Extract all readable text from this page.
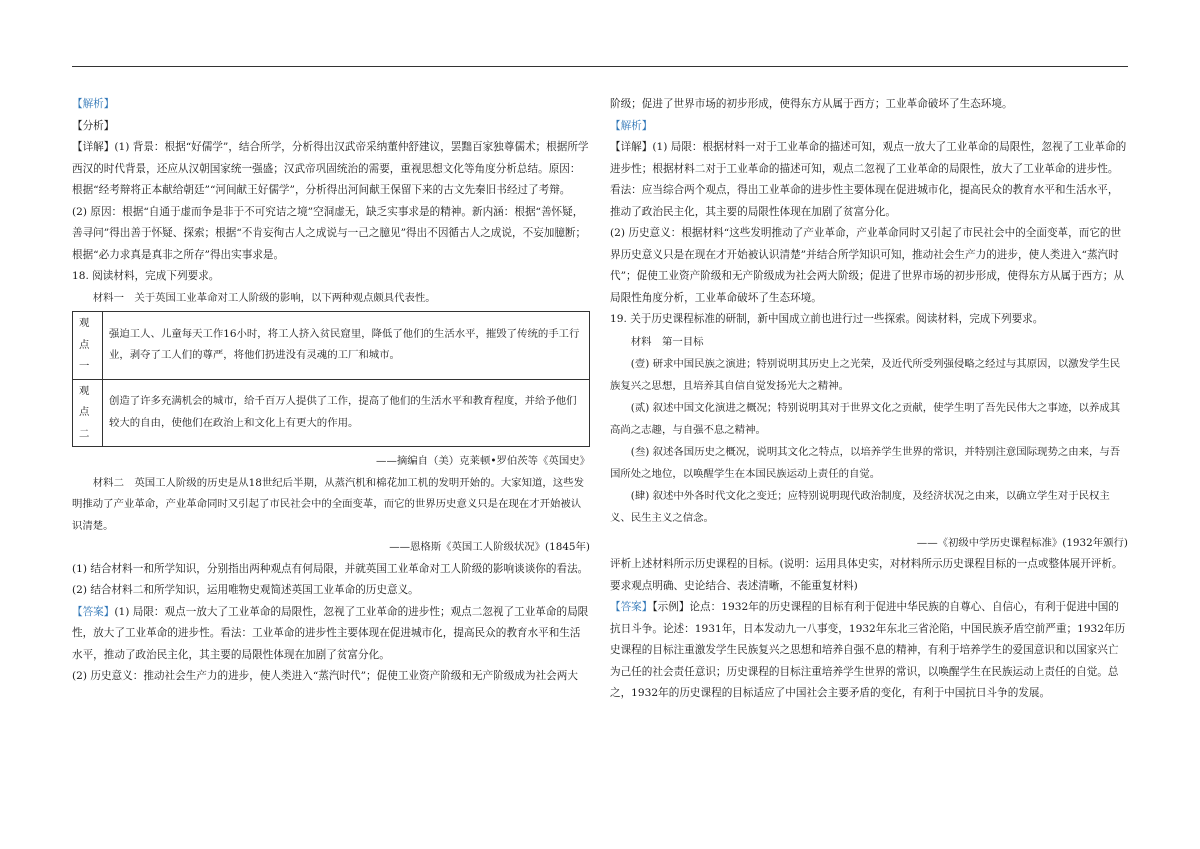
【解析】

【分析】

【详解】(1) 背景：根据“好儒学”，结合所学，分析得出汉武帝采纳董仲舒建议，罢黜百家独尊儒术；根据所学西汉的时代背景，还应从汉朝国家统一强盛；汉武帝巩固统治的需要，重视思想文化等角度分析总结。原因：根据“经考辩将正本献给朝廷”“河间献王好儒学”，分析得出河间献王保留下来的古文先秦旧书经过了考辩。

(2) 原因：根据“自通于虚而争是非于不可究诘之境”空洞虚无，缺乏实事求是的精神。新内涵：根据“善怀疑，善寻问”得出善于怀疑、探索；根据“不肯妄徇古人之成说与一己之臆见”得出不因循古人之成说，不妄加臆断；根据“必力求真是真非之所存”得出实事求是。

18. 阅读材料，完成下列要求。

材料一　关于英国工业革命对工人阶级的影响，以下两种观点颇具代表性。

观点一	强迫工人、儿童每天工作16小时，将工人挤入贫民窟里，降低了他们的生活水平，摧毁了传统的手工行业，剥夺了工人们的尊严，将他们扔进没有灵魂的工厂和城市。
观点二	创造了许多充满机会的城市，给千百万人提供了工作，提高了他们的生活水平和教育程度，并给予他们较大的自由，使他们在政治上和文化上有更大的作用。

——摘编自（美）克莱顿•罗伯茨等《英国史》

材料二　英国工人阶级的历史是从18世纪后半期，从蒸汽机和棉花加工机的发明开始的。大家知道，这些发明推动了产业革命，产业革命同时又引起了市民社会中的全面变革，而它的世界历史意义只是在现在才开始被认识清楚。

——恩格斯《英国工人阶级状况》(1845年)

(1) 结合材料一和所学知识，分别指出两种观点有何局限，并就英国工业革命对工人阶级的影响谈谈你的看法。

(2) 结合材料二和所学知识，运用唯物史观简述英国工业革命的历史意义。

【答案】(1) 局限：观点一放大了工业革命的局限性，忽视了工业革命的进步性；观点二忽视了工业革命的局限性，放大了工业革命的进步性。看法：工业革命的进步性主要体现在促进城市化，提高民众的教育水平和生活水平，推动了政治民主化，其主要的局限性体现在加剧了贫富分化。

(2) 历史意义：推动社会生产力的进步，使人类进入“蒸汽时代”；促使工业资产阶级和无产阶级成为社会两大

阶级；促进了世界市场的初步形成，使得东方从属于西方；工业革命破坏了生态环境。

【解析】

【详解】(1) 局限：根据材料一对于工业革命的描述可知，观点一放大了工业革命的局限性，忽视了工业革命的进步性；根据材料二对于工业革命的描述可知，观点二忽视了工业革命的局限性，放大了工业革命的进步性。看法：应当综合两个观点，得出工业革命的进步性主要体现在促进城市化，提高民众的教育水平和生活水平，推动了政治民主化，其主要的局限性体现在加剧了贫富分化。

(2) 历史意义：根据材料“这些发明推动了产业革命，产业革命同时又引起了市民社会中的全面变革，而它的世界历史意义只是在现在才开始被认识清楚”并结合所学知识可知，推动社会生产力的进步，使人类进入“蒸汽时代”；促使工业资产阶级和无产阶级成为社会两大阶级；促进了世界市场的初步形成，使得东方从属于西方；从局限性角度分析，工业革命破坏了生态环境。

19. 关于历史课程标准的研制，新中国成立前也进行过一些探索。阅读材料，完成下列要求。

材料　第一目标

(壹) 研求中国民族之演进；特别说明其历史上之光荣，及近代所受列强侵略之经过与其原因，以激发学生民族复兴之思想，且培养其自信自觉发扬光大之精神。

(贰) 叙述中国文化演进之概况；特别说明其对于世界文化之贡献，使学生明了吾先民伟大之事迹，以养成其高尚之志趣，与自强不息之精神。

(叁) 叙述各国历史之概况，说明其文化之特点，以培养学生世界的常识，并特别注意国际现势之由来，与吾国所处之地位，以唤醒学生在本国民族运动上责任的自觉。

(肆) 叙述中外各时代文化之变迁；应特别说明现代政治制度，及经济状况之由来，以确立学生对于民权主义、民生主义之信念。

——《初级中学历史课程标准》(1932年颁行)

评析上述材料所示历史课程的目标。(说明：运用具体史实，对材料所示历史课程目标的一点或整体展开评析。要求观点明确、史论结合、表述清晰，不能重复材料)

【答案】【示例】论点：1932年的历史课程的目标有利于促进中华民族的自尊心、自信心，有利于促进中国的抗日斗争。论述：1931年，日本发动九一八事变，1932年东北三省沦陷，中国民族矛盾空前严重；1932年历史课程的目标注重激发学生民族复兴之思想和培养自强不息的精神，有利于培养学生的爱国意识和以国家兴亡为己任的社会责任意识；历史课程的目标注重培养学生世界的常识，以唤醒学生在民族运动上责任的自觉。总之，1932年的历史课程的目标适应了中国社会主要矛盾的变化，有利于中国抗日斗争的发展。
